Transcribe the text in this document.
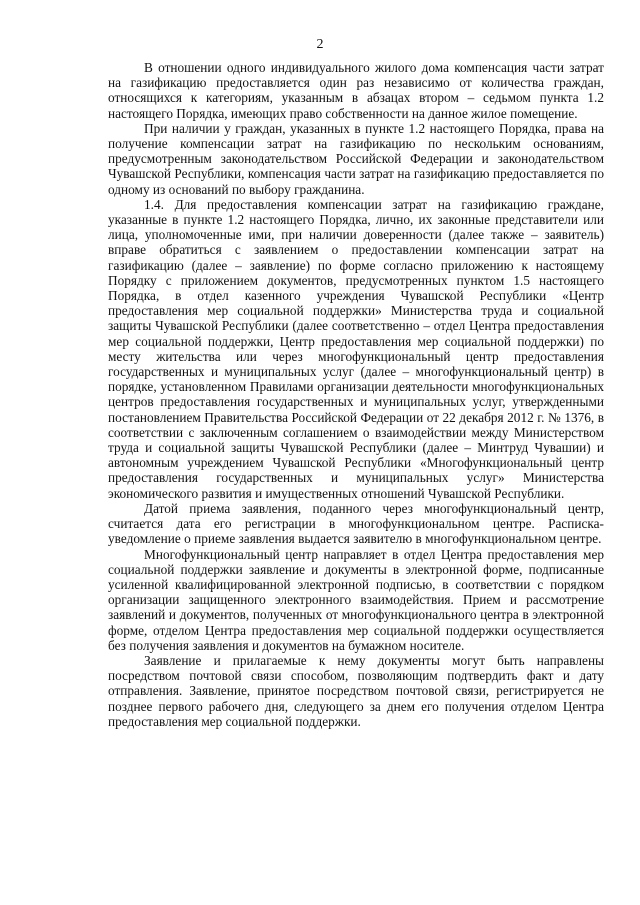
2

В отношении одного индивидуального жилого дома компенсация части затрат на газификацию предоставляется один раз независимо от количества граждан, относящихся к категориям, указанным в абзацах втором – седьмом пункта 1.2 настоящего Порядка, имеющих право собственности на данное жилое помещение.

При наличии у граждан, указанных в пункте 1.2 настоящего Порядка, права на получение компенсации затрат на газификацию по нескольким основаниям, предусмотренным законодательством Российской Федерации и законодательством Чувашской Республики, компенсация части затрат на газификацию предоставляется по одному из оснований по выбору гражданина.

1.4. Для предоставления компенсации затрат на газификацию граждане, указанные в пункте 1.2 настоящего Порядка, лично, их законные представители или лица, уполномоченные ими, при наличии доверенности (далее также – заявитель) вправе обратиться с заявлением о предоставлении компенсации затрат на газификацию (далее – заявление) по форме согласно приложению к настоящему Порядку с приложением документов, предусмотренных пунктом 1.5 настоящего Порядка, в отдел казенного учреждения Чувашской Республики «Центр предоставления мер социальной поддержки» Министерства труда и социальной защиты Чувашской Республики (далее соответственно – отдел Центра предоставления мер социальной поддержки, Центр предоставления мер социальной поддержки) по месту жительства или через многофункциональный центр предоставления государственных и муниципальных услуг (далее – многофункциональный центр) в порядке, установленном Правилами организации деятельности многофункциональных центров предоставления государственных и муниципальных услуг, утвержденными постановлением Правительства Российской Федерации от 22 декабря 2012 г. № 1376, в соответствии с заключенным соглашением о взаимодействии между Министерством труда и социальной защиты Чувашской Республики (далее – Минтруд Чувашии) и автономным учреждением Чувашской Республики «Многофункциональный центр предоставления государственных и муниципальных услуг» Министерства экономического развития и имущественных отношений Чувашской Республики.

Датой приема заявления, поданного через многофункциональный центр, считается дата его регистрации в многофункциональном центре. Расписка-уведомление о приеме заявления выдается заявителю в многофункциональном центре.

Многофункциональный центр направляет в отдел Центра предоставления мер социальной поддержки заявление и документы в электронной форме, подписанные усиленной квалифицированной электронной подписью, в соответствии с порядком организации защищенного электронного взаимодействия. Прием и рассмотрение заявлений и документов, полученных от многофункционального центра в электронной форме, отделом Центра предоставления мер социальной поддержки осуществляется без получения заявления и документов на бумажном носителе.

Заявление и прилагаемые к нему документы могут быть направлены посредством почтовой связи способом, позволяющим подтвердить факт и дату отправления. Заявление, принятое посредством почтовой связи, регистрируется не позднее первого рабочего дня, следующего за днем его получения отделом Центра предоставления мер социальной поддержки.
